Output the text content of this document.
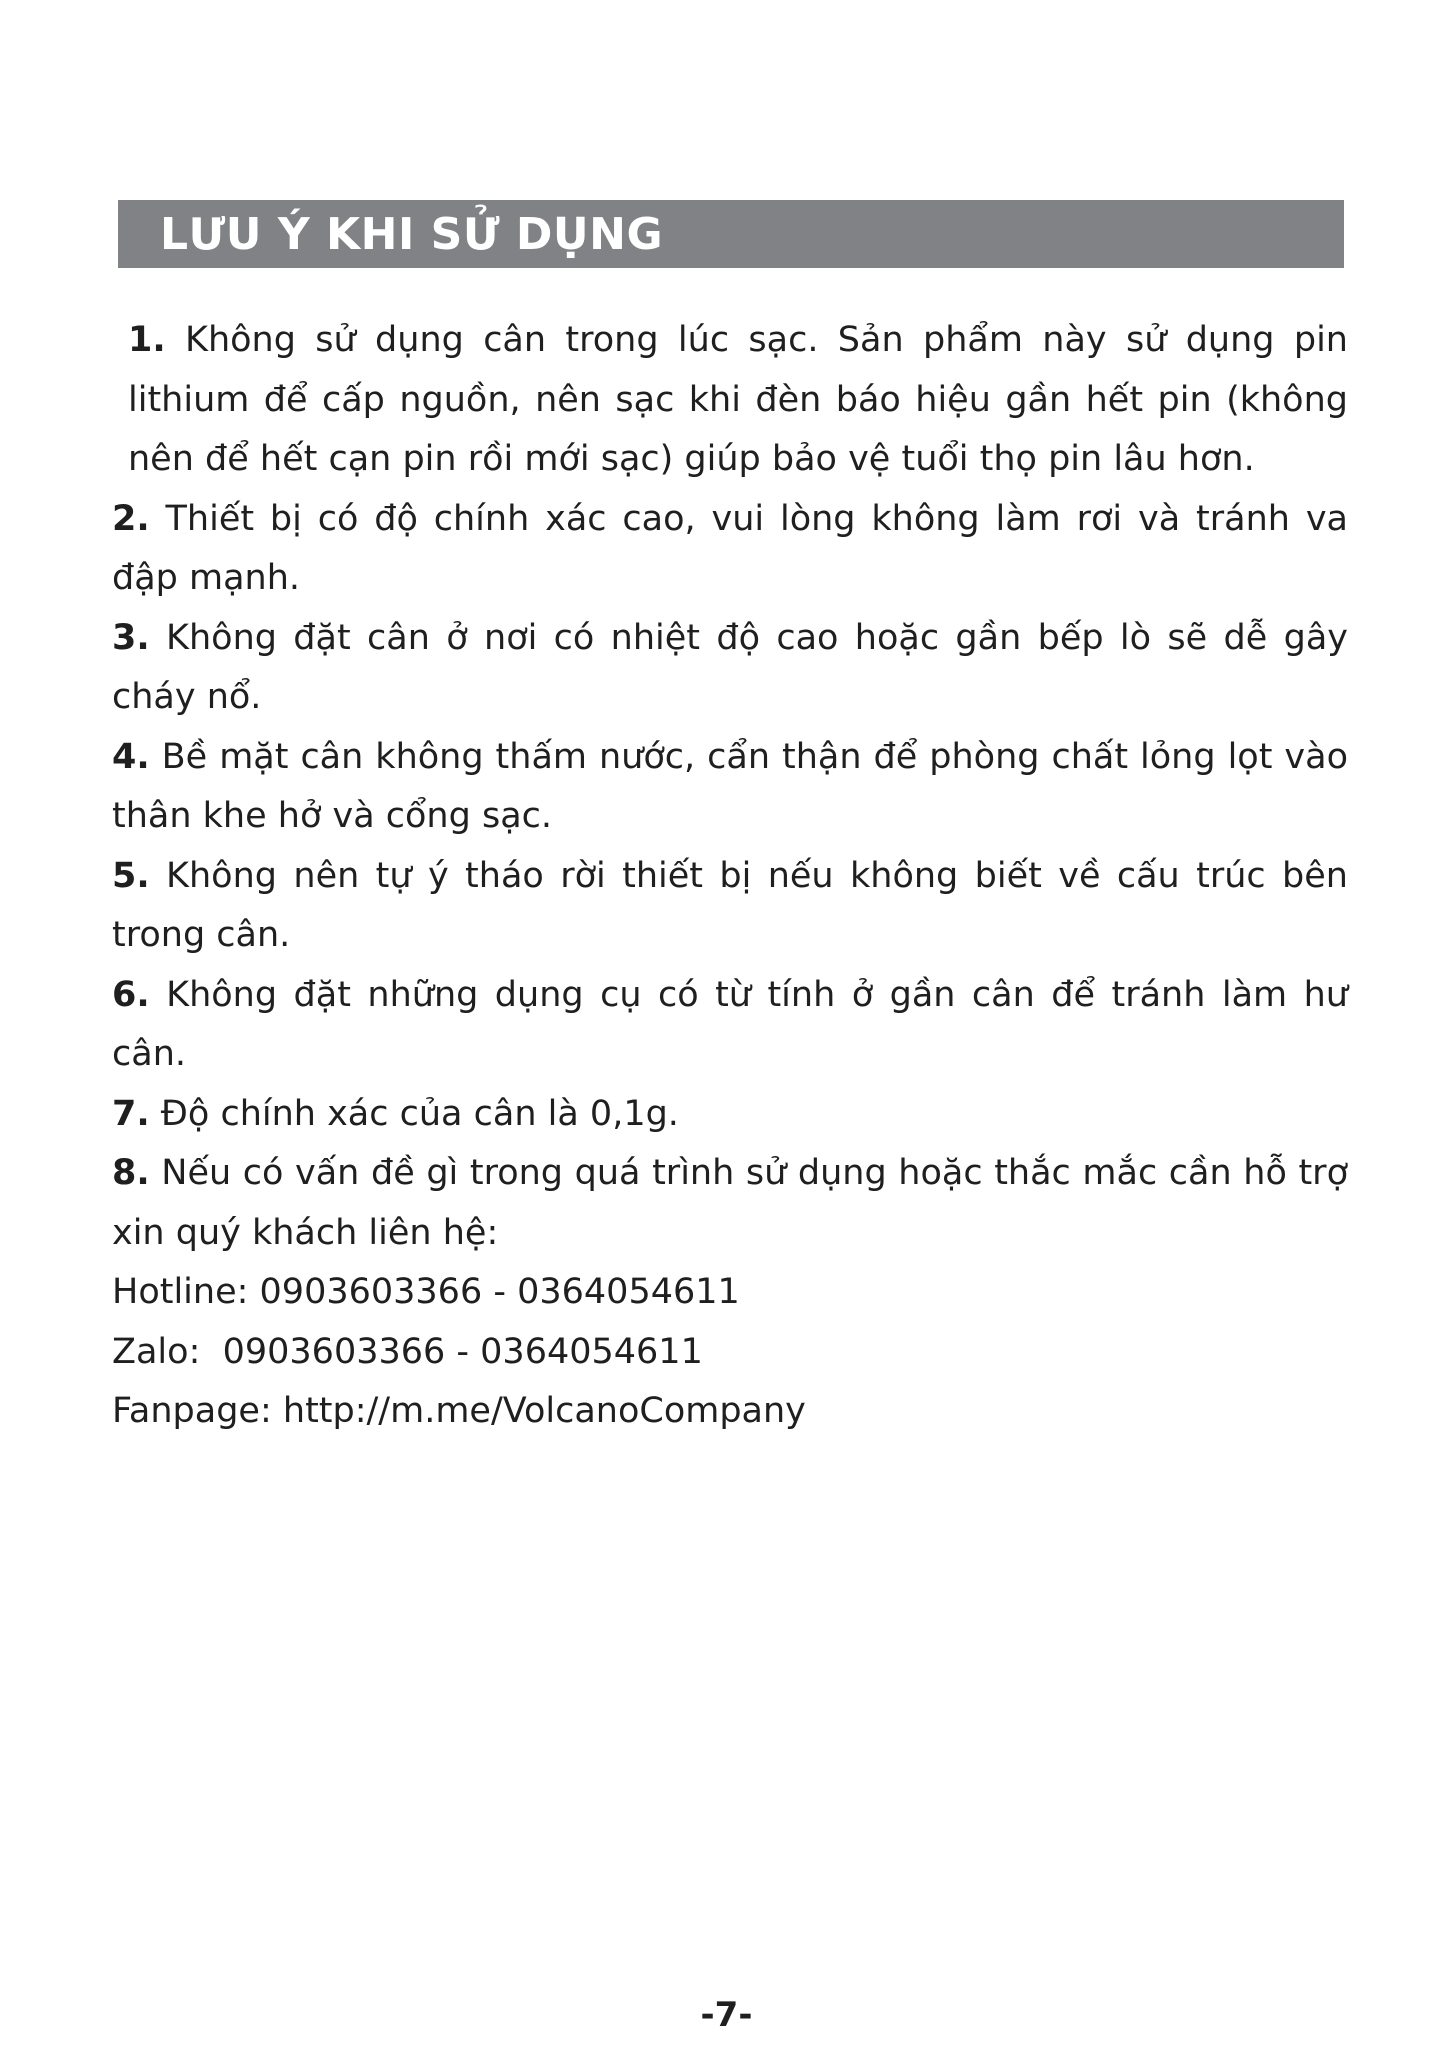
LƯU Ý KHI SỬ DỤNG

1. Không sử dụng cân trong lúc sạc. Sản phẩm này sử dụng pin lithium để cấp nguồn, nên sạc khi đèn báo hiệu gần hết pin (không nên để hết cạn pin rồi mới sạc) giúp bảo vệ tuổi thọ pin lâu hơn.

2. Thiết bị có độ chính xác cao, vui lòng không làm rơi và tránh va đập mạnh.

3. Không đặt cân ở nơi có nhiệt độ cao hoặc gần bếp lò sẽ dễ gây cháy nổ.

4. Bề mặt cân không thấm nước, cẩn thận để phòng chất lỏng lọt vào thân khe hở và cổng sạc.

5. Không nên tự ý tháo rời thiết bị nếu không biết về cấu trúc bên trong cân.

6. Không đặt những dụng cụ có từ tính ở gần cân để tránh làm hư cân.

7. Độ chính xác của cân là 0,1g.

8. Nếu có vấn đề gì trong quá trình sử dụng hoặc thắc mắc cần hỗ trợ xin quý khách liên hệ:

Hotline: 0903603366 - 0364054611

Zalo:  0903603366 - 0364054611

Fanpage: http://m.me/VolcanoCompany

-7-
